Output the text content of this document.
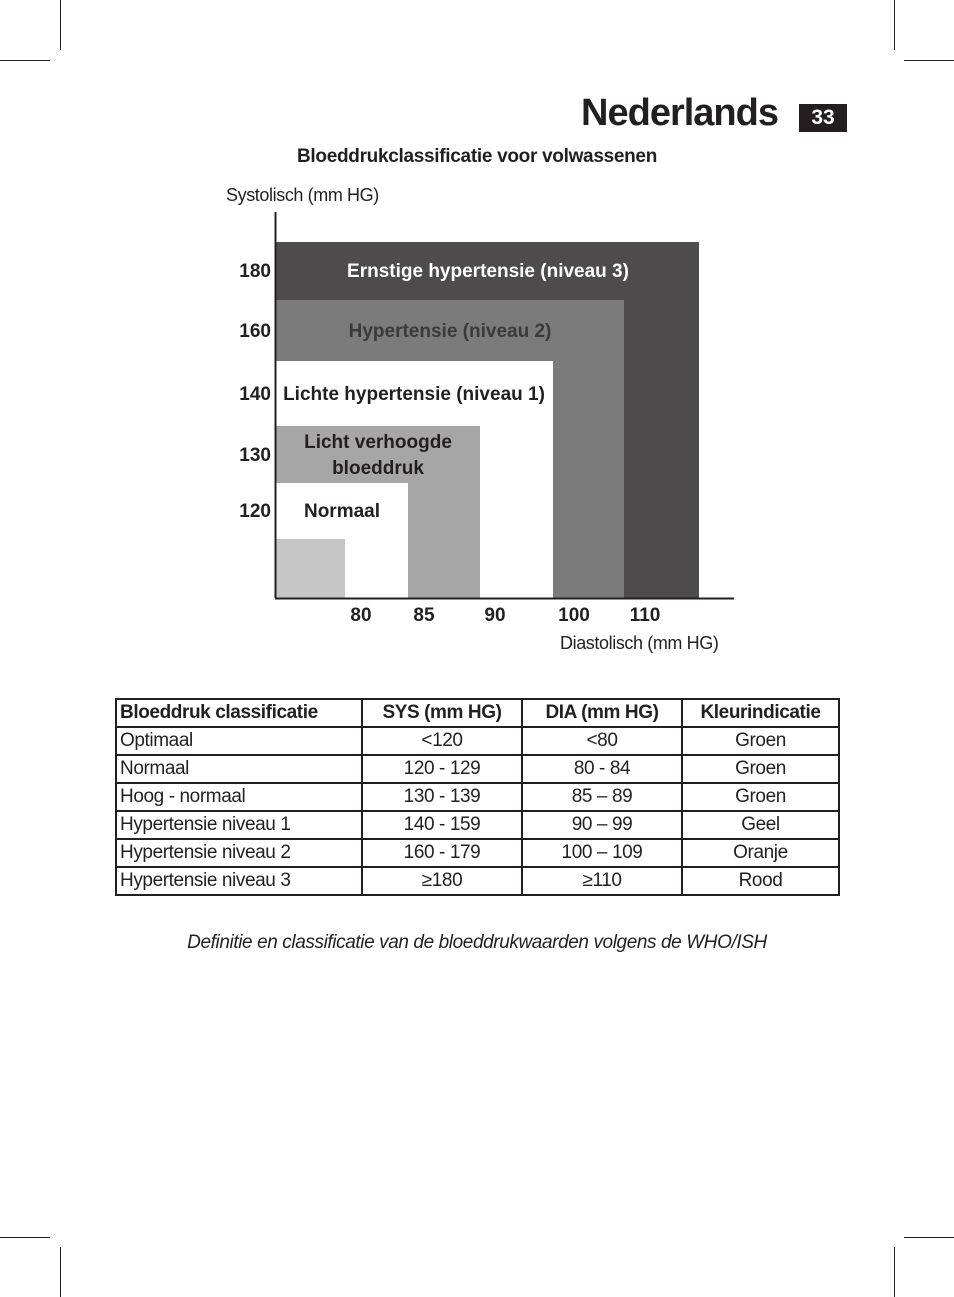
Nederlands	33
Bloeddrukclassificatie voor volwassenen
Systolisch (mm HG)
Diastolisch (mm HG)
Ernstige hypertensie (niveau 3)
Hypertensie (niveau 2)
Lichte hypertensie (niveau 1)
Licht verhoogde bloeddruk
Normaal
80 85	90	100 110
180
160
140
130
120
Bloeddruk classificatie	SYS (mm HG)	DIA (mm HG)	Kleurindicatie
Optimaal	<120	<80	Groen
Normaal	120 - 129	80 - 84	Groen
Hoog - normaal	130 - 139	85 – 89	Groen
Hypertensie niveau 1	140 - 159	90 – 99	Geel
Hypertensie niveau 2	160 - 179	100 – 109	Oranje
Hypertensie niveau 3	≥180	≥110	Rood
Definitie en classificatie van de bloeddrukwaarden volgens de WHO/ISH
